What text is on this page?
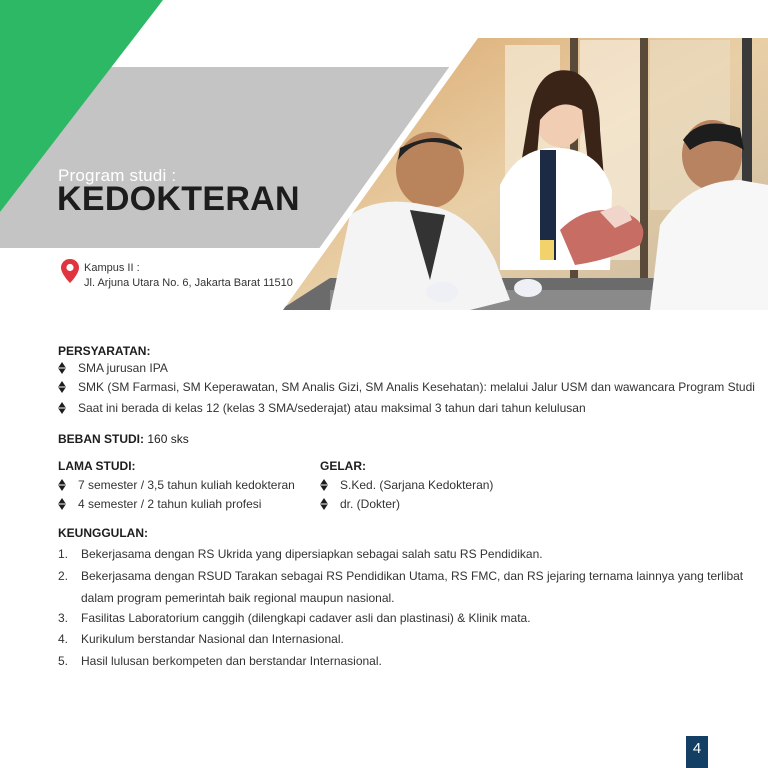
Program studi :
KEDOKTERAN
Kampus II :
Jl. Arjuna Utara No. 6, Jakarta Barat 11510
PERSYARATAN:
SMA jurusan IPA
SMK (SM Farmasi, SM Keperawatan, SM Analis Gizi, SM Analis Kesehatan): melalui Jalur USM dan wawancara Program Studi
Saat ini berada di kelas 12 (kelas 3 SMA/sederajat) atau maksimal 3 tahun dari tahun kelulusan
BEBAN STUDI: 160 sks
LAMA STUDI:
7 semester / 3,5 tahun kuliah kedokteran
4 semester / 2 tahun kuliah profesi
GELAR:
S.Ked. (Sarjana Kedokteran)
dr. (Dokter)
KEUNGGULAN:
1. Bekerjasama dengan RS Ukrida yang dipersiapkan sebagai salah satu RS Pendidikan.
2. Bekerjasama dengan RSUD Tarakan sebagai RS Pendidikan Utama, RS FMC, dan RS jejaring ternama lainnya yang terlibat
dalam program pemerintah baik regional maupun nasional.
3. Fasilitas Laboratorium canggih (dilengkapi cadaver asli dan plastinasi) & Klinik mata.
4. Kurikulum berstandar Nasional dan Internasional.
5. Hasil lulusan berkompeten dan berstandar Internasional.
4
